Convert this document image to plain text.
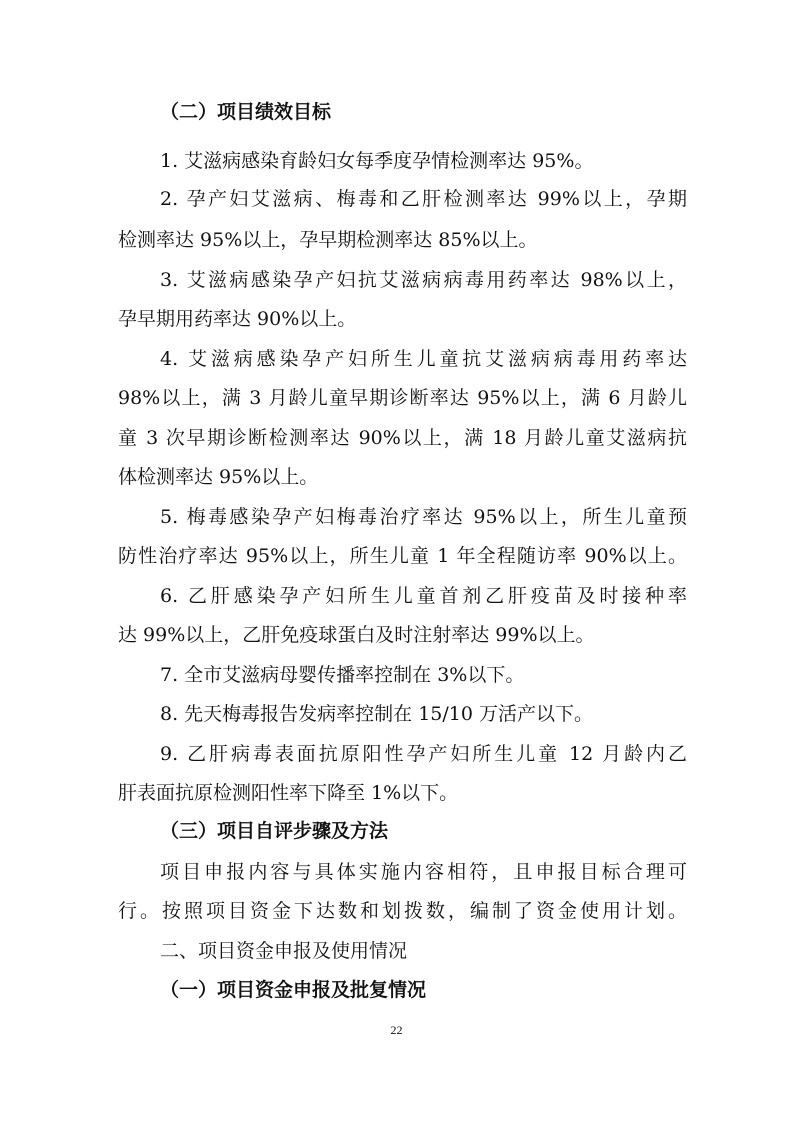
（二）项目绩效目标

1. 艾滋病感染育龄妇女每季度孕情检测率达 95%。

2. 孕产妇艾滋病、梅毒和乙肝检测率达 99%以上，孕期

检测率达 95%以上，孕早期检测率达 85%以上。

3. 艾滋病感染孕产妇抗艾滋病病毒用药率达 98%以上，

孕早期用药率达 90%以上。

4. 艾滋病感染孕产妇所生儿童抗艾滋病病毒用药率达

98%以上，满 3 月龄儿童早期诊断率达 95%以上，满 6 月龄儿

童 3 次早期诊断检测率达 90%以上，满 18 月龄儿童艾滋病抗

体检测率达 95%以上。

5. 梅毒感染孕产妇梅毒治疗率达 95%以上，所生儿童预

防性治疗率达 95%以上，所生儿童 1 年全程随访率 90%以上。

6. 乙肝感染孕产妇所生儿童首剂乙肝疫苗及时接种率

达 99%以上，乙肝免疫球蛋白及时注射率达 99%以上。

7. 全市艾滋病母婴传播率控制在 3%以下。

8. 先天梅毒报告发病率控制在 15/10 万活产以下。

9. 乙肝病毒表面抗原阳性孕产妇所生儿童 12 月龄内乙

肝表面抗原检测阳性率下降至 1%以下。

（三）项目自评步骤及方法

项目申报内容与具体实施内容相符，且申报目标合理可

行。按照项目资金下达数和划拨数，编制了资金使用计划。

二、项目资金申报及使用情况

（一）项目资金申报及批复情况

22
